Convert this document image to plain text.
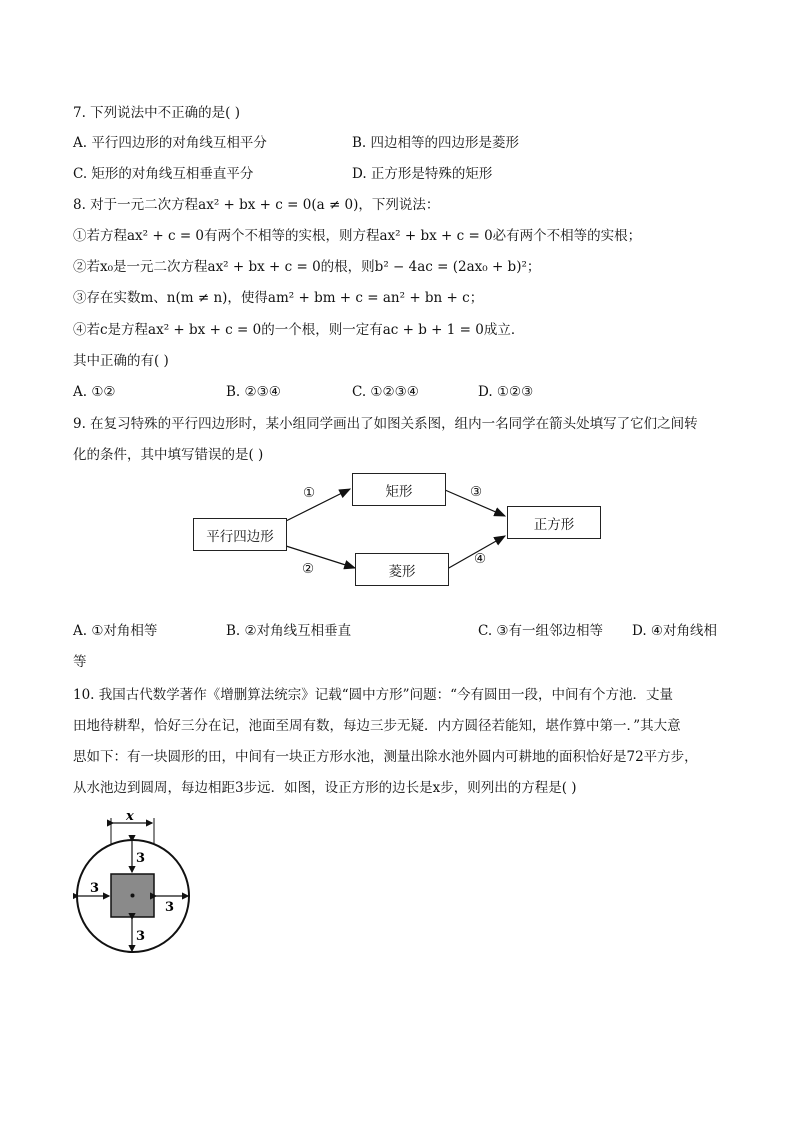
7. 下列说法中不正确的是( )
A. 平行四边形的对角线互相平分	B. 四边相等的四边形是菱形
C. 矩形的对角线互相垂直平分	D. 正方形是特殊的矩形
8. 对于一元二次方程ax² + bx + c = 0(a ≠ 0)，下列说法：
①若方程ax² + c = 0有两个不相等的实根，则方程ax² + bx + c = 0必有两个不相等的实根；
②若x₀是一元二次方程ax² + bx + c = 0的根，则b² − 4ac = (2ax₀ + b)²；
③存在实数m、n(m ≠ n)，使得am² + bm + c = an² + bn + c；
④若c是方程ax² + bx + c = 0的一个根，则一定有ac + b + 1 = 0成立．
其中正确的有( )
A. ①②	B. ②③④	C. ①②③④	D. ①②③
9. 在复习特殊的平行四边形时，某小组同学画出了如图关系图，组内一名同学在箭头处填写了它们之间转
化的条件，其中填写错误的是( )
平行四边形
矩形
菱形
正方形
①
②
③
④
A. ①对角相等	B. ②对角线互相垂直	C. ③有一组邻边相等 D. ④对角线相
等
10. 我国古代数学著作《增删算法统宗》记载“圆中方形”问题：“今有圆田一段，中间有个方池．丈量
田地待耕犁，恰好三分在记，池面至周有数，每边三步无疑．内方圆径若能知，堪作算中第一．”其大意
思如下：有一块圆形的田，中间有一块正方形水池，测量出除水池外圆内可耕地的面积恰好是72平方步，
从水池边到圆周，每边相距3步远．如图，设正方形的边长是x步，则列出的方程是( )
x
3
3
3
3
